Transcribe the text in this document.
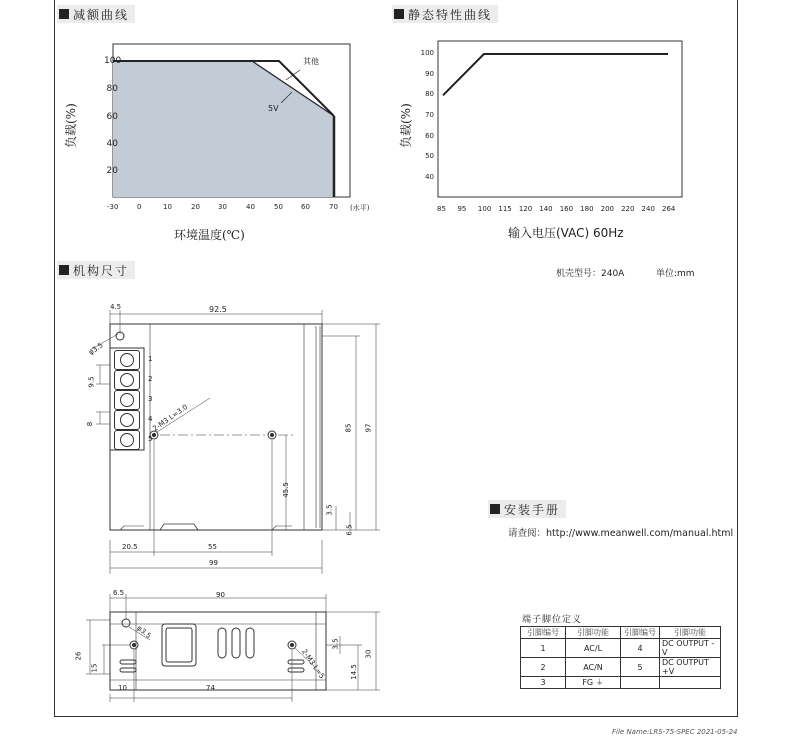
减额曲线	静态特性曲线
机构尺寸
安装手册
100
80
60
40
20
-30	0	10	20	30	40	50	60	70 (水平)
其他
5V
环境温度(℃)
负载(%)
85 95 100 115 120 140 160 180 200 220 240 264
100
90
80
70
60
50
40
输入电压(VAC) 60Hz
负载(%)
机壳型号：240A	单位:mm
1
2
3
4
5
4.5	92.5
φ3.5
9.5
8	2-M3 L=3.0	85 97
45.5
3.5
6.5
20.5	55
99
6.5	90
φ3.5
26
15	2-M3 L=5
3.5
14.5
30
10	74
请查阅：http://www.meanwell.com/manual.html
端子脚位定义
引脚编号	引脚功能	引脚编号	引脚功能
1	AC/L	4	DC OUTPUT -V
2	AC/N	5	DC OUTPUT +V
3	FG ⏚		
File Name:LRS-75-SPEC 2021-05-24
